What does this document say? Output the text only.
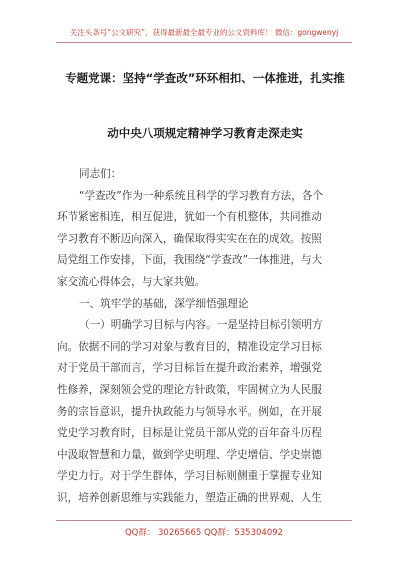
关注头条号“公文研究”，获得最新最全最专业的公文资料库！ 微信：gongwenyj
专题党课：坚持“学查改”环环相扣、一体推进，扎实推
动中央八项规定精神学习教育走深走实
同志们：
“学查改”作为一种系统且科学的学习教育方法，各个
环节紧密相连，相互促进，犹如一个有机整体，共同推动
学习教育不断迈向深入，确保取得实实在在的成效。按照
局党组工作安排，下面，我围绕“学查改”一体推进，与大
家交流心得体会，与大家共勉。
一、筑牢学的基础，深学细悟强理论
（一）明确学习目标与内容。一是坚持目标引领明方
向。依据不同的学习对象与教育目的，精准设定学习目标
对于党员干部而言，学习目标旨在提升政治素养，增强党
性修养，深刻领会党的理论方针政策，牢固树立为人民服
务的宗旨意识，提升执政能力与领导水平。例如，在开展
党史学习教育时，目标是让党员干部从党的百年奋斗历程
中汲取智慧和力量，做到学史明理、学史增信、学史崇德
学史力行。对于学生群体，学习目标则侧重于掌握专业知
识，培养创新思维与实践能力，塑造正确的世界观、人生
QQ群： 30265665 QQ群：535304092
